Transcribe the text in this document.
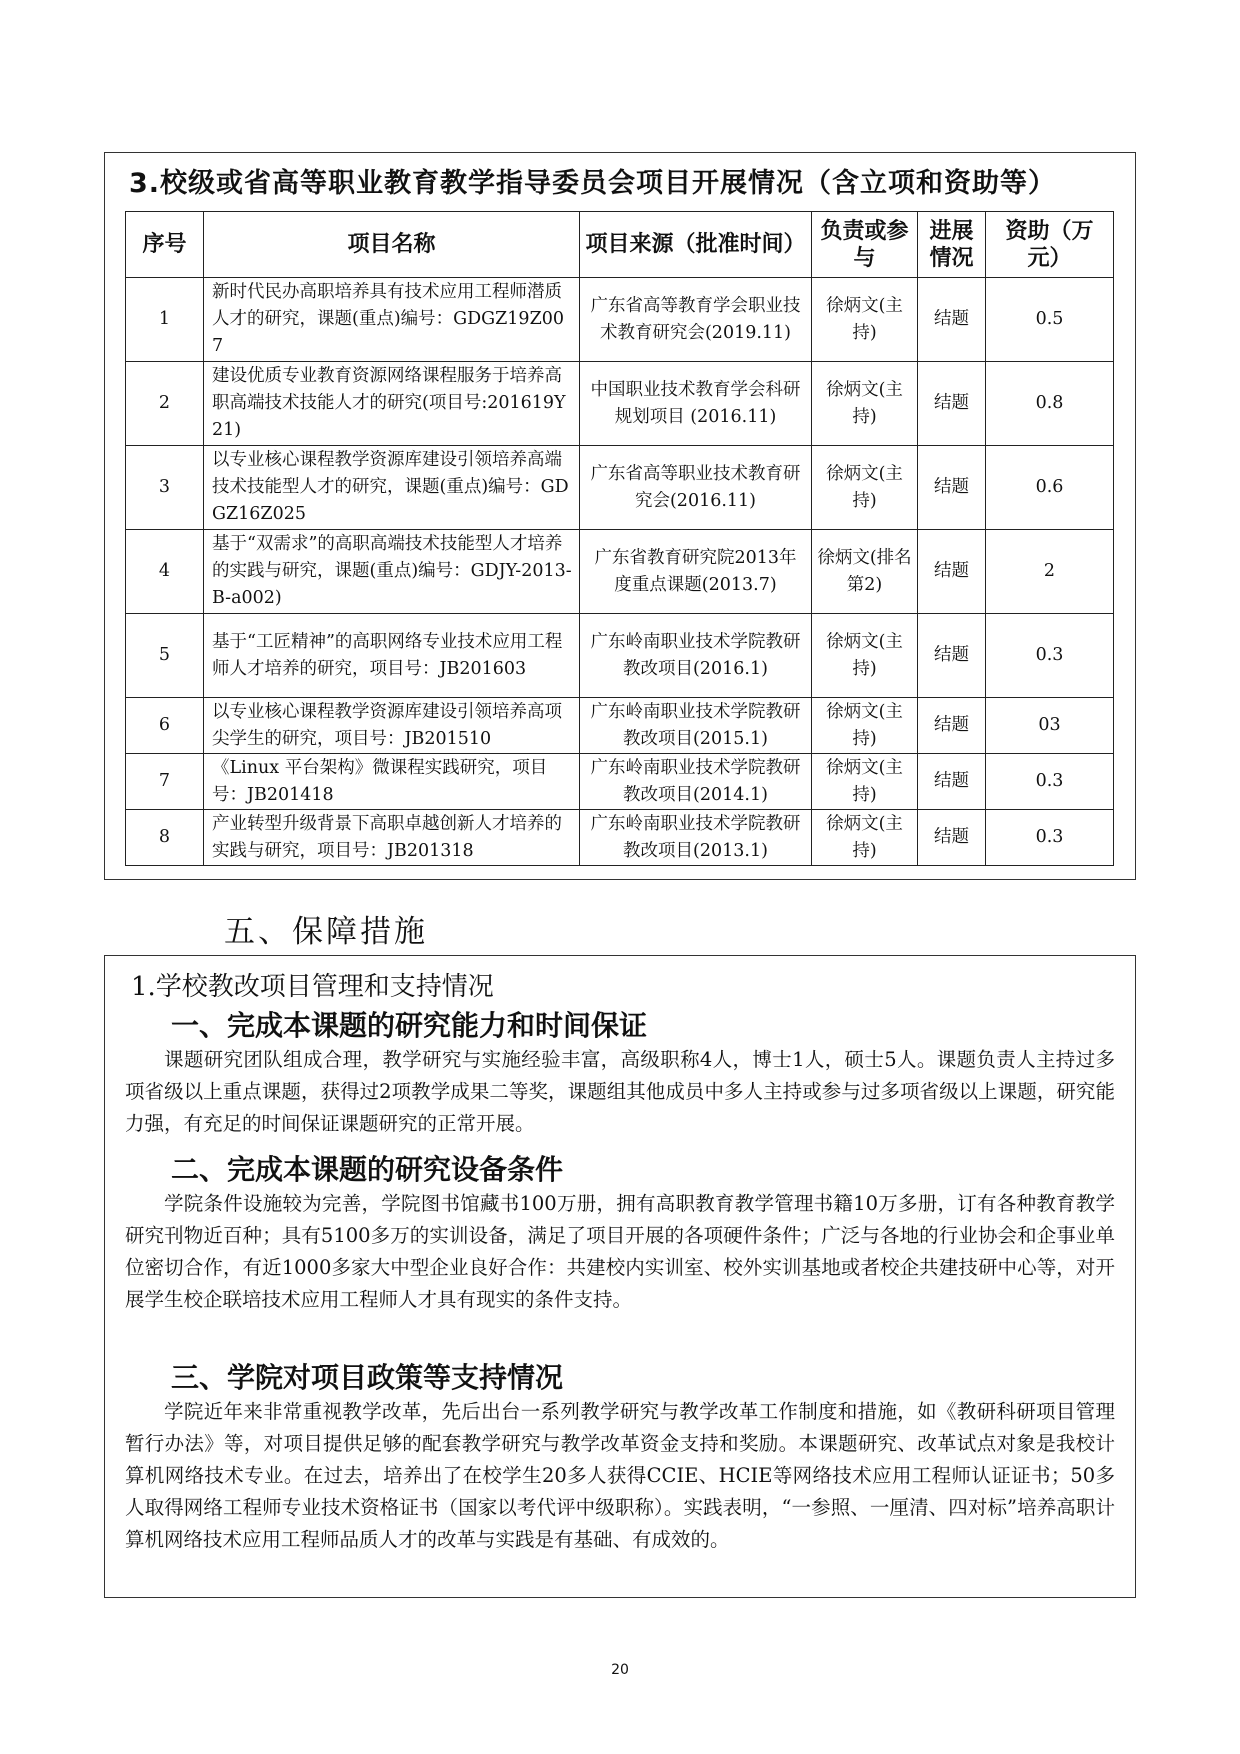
3.校级或省高等职业教育教学指导委员会项目开展情况（含立项和资助等）
序号	项目名称	项目来源（批准时间）	负责或参与	进展情况	资助（万元）
1	新时代民办高职培养具有技术应用工程师潜质人才的研究，课题(重点)编号：GDGZ19Z007	广东省高等教育学会职业技术教育研究会(2019.11)	徐炳文(主持)	结题	0.5
2	建设优质专业教育资源网络课程服务于培养高职高端技术技能人才的研究(项目号:201619Y21)	中国职业技术教育学会科研规划项目 (2016.11)	徐炳文(主持)	结题	0.8
3	以专业核心课程教学资源库建设引领培养高端技术技能型人才的研究，课题(重点)编号：GDGZ16Z025	广东省高等职业技术教育研究会(2016.11)	徐炳文(主持)	结题	0.6
4	基于“双需求”的高职高端技术技能型人才培养的实践与研究，课题(重点)编号：GDJY-2013-B-a002)	广东省教育研究院2013年度重点课题(2013.7)	徐炳文(排名第2)	结题	2
5	基于“工匠精神”的高职网络专业技术应用工程师人才培养的研究，项目号：JB201603	广东岭南职业技术学院教研教改项目(2016.1)	徐炳文(主持)	结题	0.3
6	以专业核心课程教学资源库建设引领培养高项尖学生的研究，项目号：JB201510	广东岭南职业技术学院教研教改项目(2015.1)	徐炳文(主持)	结题	03
7	《Linux 平台架构》微课程实践研究，项目号：JB201418	广东岭南职业技术学院教研教改项目(2014.1)	徐炳文(主持)	结题	0.3
8	产业转型升级背景下高职卓越创新人才培养的实践与研究，项目号：JB201318	广东岭南职业技术学院教研教改项目(2013.1)	徐炳文(主持)	结题	0.3
五、保障措施
1.学校教改项目管理和支持情况
一、完成本课题的研究能力和时间保证
课题研究团队组成合理，教学研究与实施经验丰富，高级职称4人，博士1人，硕士5人。课题负责人主持过多项省级以上重点课题，获得过2项教学成果二等奖，课题组其他成员中多人主持或参与过多项省级以上课题，研究能力强，有充足的时间保证课题研究的正常开展。
二、完成本课题的研究设备条件
学院条件设施较为完善，学院图书馆藏书100万册，拥有高职教育教学管理书籍10万多册，订有各种教育教学研究刊物近百种；具有5100多万的实训设备，满足了项目开展的各项硬件条件；广泛与各地的行业协会和企事业单位密切合作，有近1000多家大中型企业良好合作：共建校内实训室、校外实训基地或者校企共建技研中心等，对开展学生校企联培技术应用工程师人才具有现实的条件支持。
三、学院对项目政策等支持情况
学院近年来非常重视教学改革，先后出台一系列教学研究与教学改革工作制度和措施，如《教研科研项目管理暂行办法》等，对项目提供足够的配套教学研究与教学改革资金支持和奖励。本课题研究、改革试点对象是我校计算机网络技术专业。在过去，培养出了在校学生20多人获得CCIE、HCIE等网络技术应用工程师认证证书；50多人取得网络工程师专业技术资格证书（国家以考代评中级职称）。实践表明，“一参照、一厘清、四对标”培养高职计算机网络技术应用工程师品质人才的改革与实践是有基础、有成效的。
20
